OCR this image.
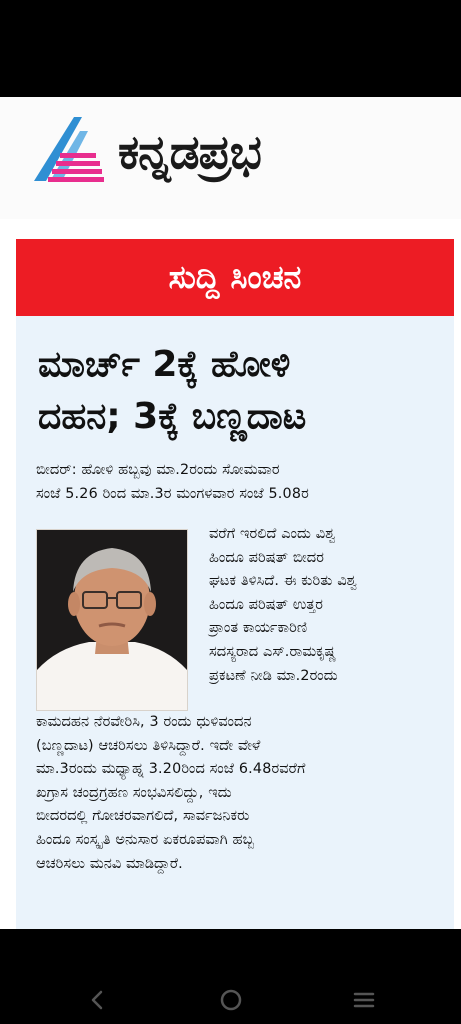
ಕನ್ನಡಪ್ರಭ
ಸುದ್ದಿ ಸಿಂಚನ
ಮಾರ್ಚ್ 2ಕ್ಕೆ ಹೋಳಿ
ದಹನ; 3ಕ್ಕೆ ಬಣ್ಣದಾಟ
ಬೀದರ್: ಹೋಳಿ ಹಬ್ಬವು ಮಾ.2ರಂದು ಸೋಮವಾರ
ಸಂಜೆ 5.26 ರಿಂದ ಮಾ.3ರ ಮಂಗಳವಾರ ಸಂಜೆ 5.08ರ
ವರೆಗೆ ಇರಲಿದೆ ಎಂದು ವಿಶ್ವ
ಹಿಂದೂ ಪರಿಷತ್ ಬೀದರ
ಘಟಕ ತಿಳಿಸಿದೆ. ಈ ಕುರಿತು ವಿಶ್ವ
ಹಿಂದೂ ಪರಿಷತ್ ಉತ್ತರ
ಪ್ರಾಂತ ಕಾರ್ಯಕಾರಿಣಿ
ಸದಸ್ಯರಾದ ಎಸ್.ರಾಮಕೃಷ್ಣ
ಪ್ರಕಟಣೆ ನೀಡಿ ಮಾ.2ರಂದು
ಕಾಮದಹನ ನೆರವೇರಿಸಿ, 3 ರಂದು ಧುಳಿವಂದನ
(ಬಣ್ಣದಾಟ) ಆಚರಿಸಲು ತಿಳಿಸಿದ್ದಾರೆ. ಇದೇ ವೇಳೆ
ಮಾ.3ರಂದು ಮಧ್ಯಾಹ್ನ 3.20ರಿಂದ ಸಂಜೆ 6.48ರವರೆಗೆ
ಖಗ್ರಾಸ ಚಂದ್ರಗ್ರಹಣ ಸಂಭವಿಸಲಿದ್ದು, ಇದು
ಬೀದರದಲ್ಲಿ ಗೋಚರವಾಗಲಿದೆ, ಸಾರ್ವಜನಿಕರು
ಹಿಂದೂ ಸಂಸ್ಕೃತಿ ಅನುಸಾರ ಏಕರೂಪವಾಗಿ ಹಬ್ಬ
ಆಚರಿಸಲು ಮನವಿ ಮಾಡಿದ್ದಾರೆ.
